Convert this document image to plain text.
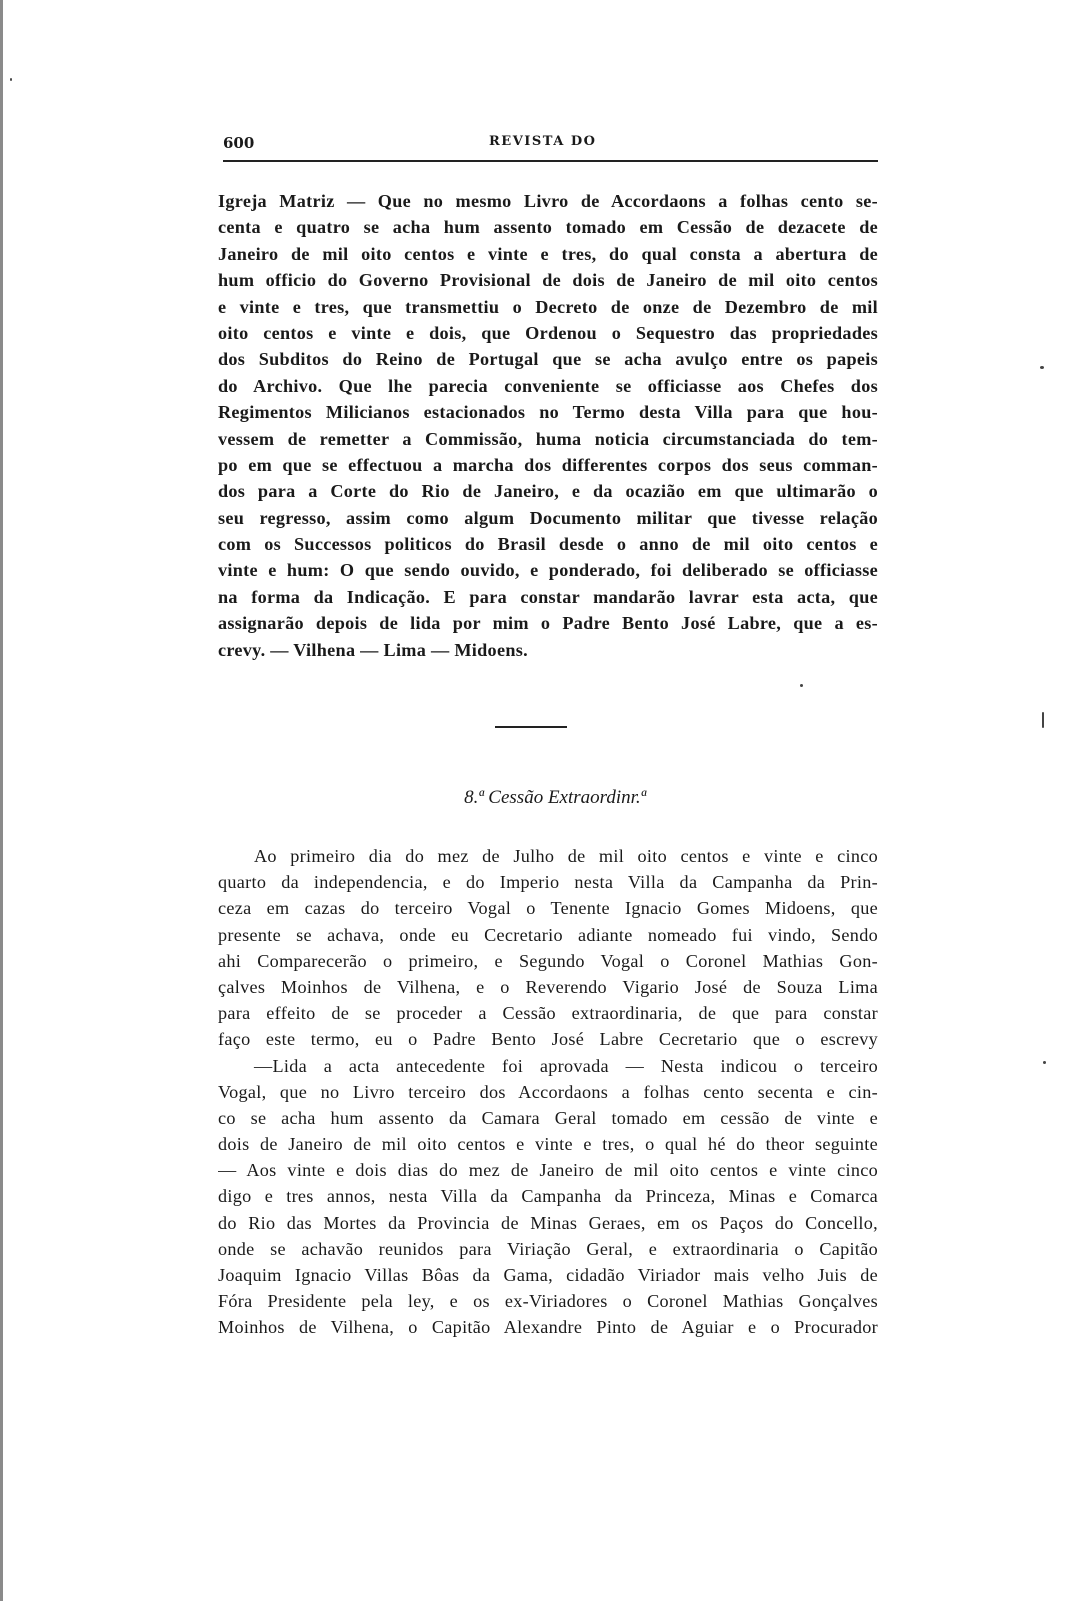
600	REVISTA DO

Igreja Matriz — Que no mesmo Livro de Accordaons a folhas cento se-
centa e quatro se acha hum assento tomado em Cessão de dezacete de
Janeiro de mil oito centos e vinte e tres, do qual consta a abertura de
hum officio do Governo Provisional de dois de Janeiro de mil oito centos
e vinte e tres, que transmettiu o Decreto de onze de Dezembro de mil
oito centos e vinte e dois, que Ordenou o Sequestro das propriedades
dos Subditos do Reino de Portugal que se acha avulço entre os papeis
do Archivo. Que lhe parecia conveniente se officiasse aos Chefes dos
Regimentos Milicianos estacionados no Termo desta Villa para que hou-
vessem de remetter a Commissão, huma noticia circumstanciada do tem-
po em que se effectuou a marcha dos differentes corpos dos seus comman-
dos para a Corte do Rio de Janeiro, e da ocazião em que ultimarão o
seu regresso, assim como algum Documento militar que tivesse relação
com os Successos politicos do Brasil desde o anno de mil oito centos e
vinte e hum: O que sendo ouvido, e ponderado, foi deliberado se officiasse
na forma da Indicação. E para constar mandarão lavrar esta acta, que
assignarão depois de lida por mim o Padre Bento José Labre, que a es-
crevy. — Vilhena — Lima — Midoens.

8.ª Cessão Extraordinr.ª

Ao primeiro dia do mez de Julho de mil oito centos e vinte e cinco
quarto da independencia, e do Imperio nesta Villa da Campanha da Prin-
ceza em cazas do terceiro Vogal o Tenente Ignacio Gomes Midoens, que
presente se achava, onde eu Cecretario adiante nomeado fui vindo, Sendo
ahi Comparecerão o primeiro, e Segundo Vogal o Coronel Mathias Gon-
çalves Moinhos de Vilhena, e o Reverendo Vigario José de Souza Lima
para effeito de se proceder a Cessão extraordinaria, de que para constar
faço este termo, eu o Padre Bento José Labre Cecretario que o escrevy
—Lida a acta antecedente foi aprovada — Nesta indicou o terceiro
Vogal, que no Livro terceiro dos Accordaons a folhas cento secenta e cin-
co se acha hum assento da Camara Geral tomado em cessão de vinte e
dois de Janeiro de mil oito centos e vinte e tres, o qual hé do theor seguinte
— Aos vinte e dois dias do mez de Janeiro de mil oito centos e vinte cinco
digo e tres annos, nesta Villa da Campanha da Princeza, Minas e Comarca
do Rio das Mortes da Provincia de Minas Geraes, em os Paços do Concello,
onde se achavão reunidos para Viriação Geral, e extraordinaria o Capitão
Joaquim Ignacio Villas Bôas da Gama, cidadão Viriador mais velho Juis de
Fóra Presidente pela ley, e os ex-Viriadores o Coronel Mathias Gonçalves
Moinhos de Vilhena, o Capitão Alexandre Pinto de Aguiar e o Procurador
